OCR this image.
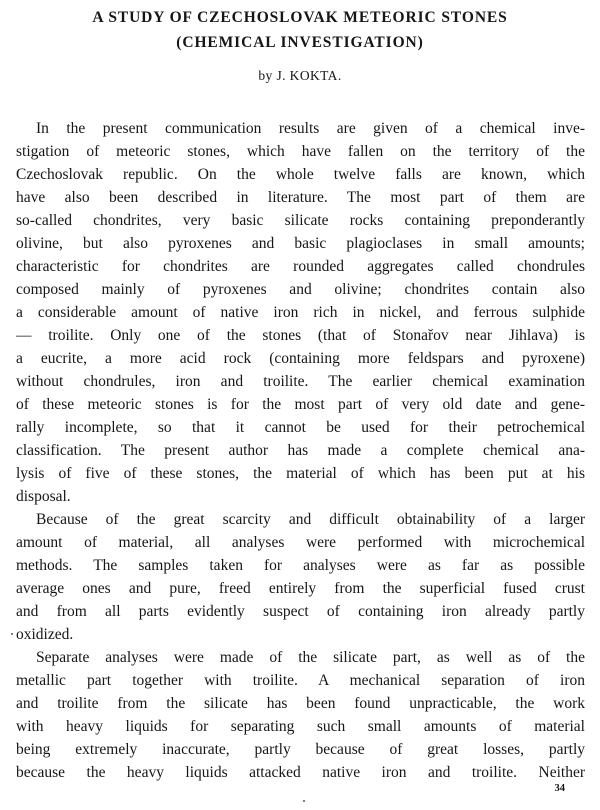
A STUDY OF CZECHOSLOVAK METEORIC STONES
(CHEMICAL INVESTIGATION)

by J. KOKTA.

In the present communication results are given of a chemical inve-
stigation of meteoric stones, which have fallen on the territory of the
Czechoslovak republic. On the whole twelve falls are known, which
have also been described in literature. The most part of them are
so-called chondrites, very basic silicate rocks containing preponderantly
olivine, but also pyroxenes and basic plagioclases in small amounts;
characteristic for chondrites are rounded aggregates called chondrules
composed mainly of pyroxenes and olivine; chondrites contain also
a considerable amount of native iron rich in nickel, and ferrous sulphide
— troilite. Only one of the stones (that of Stonařov near Jihlava) is
a eucrite, a more acid rock (containing more feldspars and pyroxene)
without chondrules, iron and troilite. The earlier chemical examination
of these meteoric stones is for the most part of very old date and gene-
rally incomplete, so that it cannot be used for their petrochemical
classification. The present author has made a complete chemical ana-
lysis of five of these stones, the material of which has been put at his
disposal.
Because of the great scarcity and difficult obtainability of a larger
amount of material, all analyses were performed with microchemical
methods. The samples taken for analyses were as far as possible
average ones and pure, freed entirely from the superficial fused crust
and from all parts evidently suspect of containing iron already partly
oxidized.
Separate analyses were made of the silicate part, as well as of the
metallic part together with troilite. A mechanical separation of iron
and troilite from the silicate has been found unpracticable, the work
with heavy liquids for separating such small amounts of material
being extremely inaccurate, partly because of great losses, partly
because the heavy liquids attacked native iron and troilite. Neither
34
